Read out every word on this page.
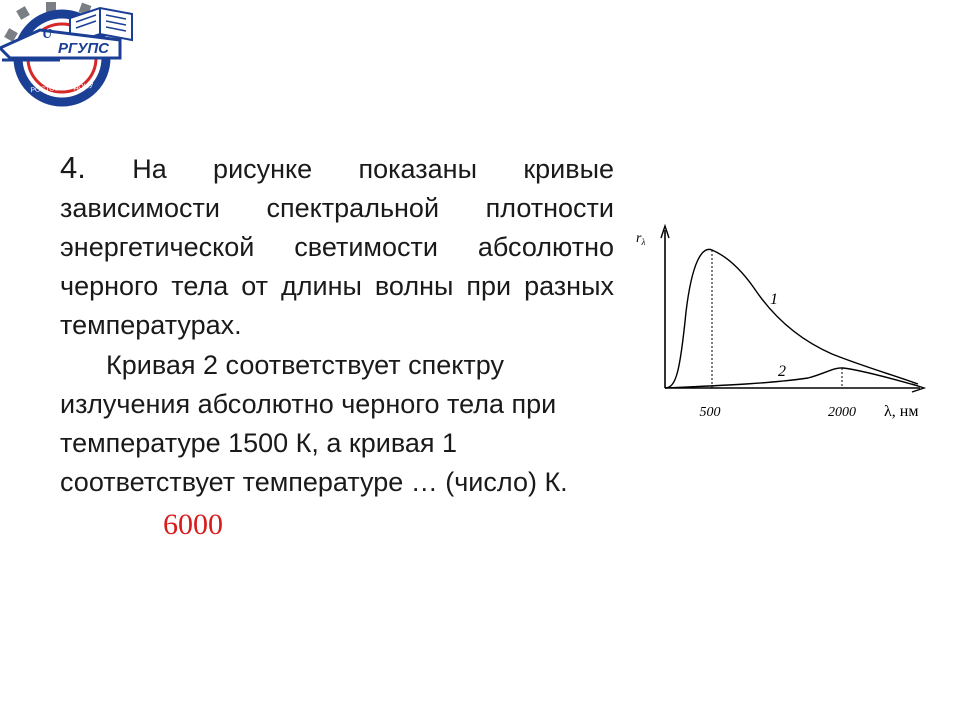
U
РГУПС
РОСТОВ-НА-ДОНУ

4. На рисунке показаны кривые зависимости спектральной плотности энергетической светимости абсолютно черного тела от длины волны при разных температурах.

Кривая 2 соответствует спектру излучения абсолютно черного тела при температуре 1500 К, а кривая 1 соответствует температуре … (число) К.

6000
$r_\lambda$
1
2
500	2000 λ, нм
